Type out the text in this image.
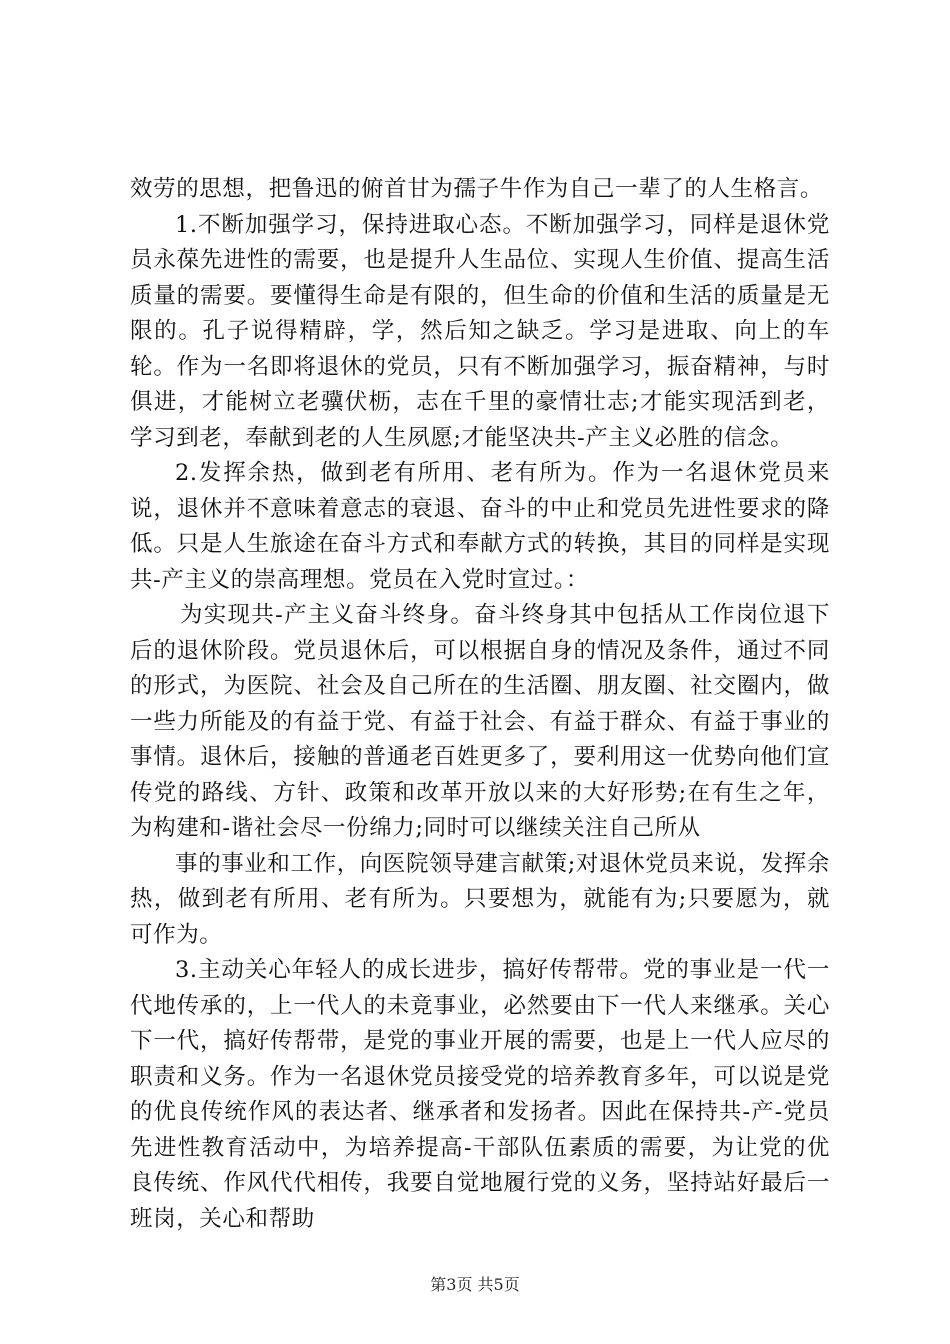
效劳的思想，把鲁迅的俯首甘为孺子牛作为自己一辈了的人生格言。

1.不断加强学习，保持进取心态。不断加强学习，同样是退休党员永葆先进性的需要，也是提升人生品位、实现人生价值、提高生活质量的需要。要懂得生命是有限的，但生命的价值和生活的质量是无限的。孔子说得精辟，学，然后知之缺乏。学习是进取、向上的车轮。作为一名即将退休的党员，只有不断加强学习，振奋精神，与时俱进，才能树立老骥伏枥，志在千里的豪情壮志;才能实现活到老，学习到老，奉献到老的人生夙愿;才能坚决共-产主义必胜的信念。

2.发挥余热，做到老有所用、老有所为。作为一名退休党员来说，退休并不意味着意志的衰退、奋斗的中止和党员先进性要求的降低。只是人生旅途在奋斗方式和奉献方式的转换，其目的同样是实现共-产主义的崇高理想。党员在入党时宣过。：

为实现共-产主义奋斗终身。奋斗终身其中包括从工作岗位退下后的退休阶段。党员退休后，可以根据自身的情况及条件，通过不同的形式，为医院、社会及自己所在的生活圈、朋友圈、社交圈内，做一些力所能及的有益于党、有益于社会、有益于群众、有益于事业的事情。退休后，接触的普通老百姓更多了，要利用这一优势向他们宣传党的路线、方针、政策和改革开放以来的大好形势;在有生之年，为构建和-谐社会尽一份绵力;同时可以继续关注自己所从

事的事业和工作，向医院领导建言献策;对退休党员来说，发挥余热，做到老有所用、老有所为。只要想为，就能有为;只要愿为，就可作为。

3.主动关心年轻人的成长进步，搞好传帮带。党的事业是一代一代地传承的，上一代人的未竟事业，必然要由下一代人来继承。关心下一代，搞好传帮带，是党的事业开展的需要，也是上一代人应尽的职责和义务。作为一名退休党员接受党的培养教育多年，可以说是党的优良传统作风的表达者、继承者和发扬者。因此在保持共-产-党员先进性教育活动中，为培养提高-干部队伍素质的需要，为让党的优良传统、作风代代相传，我要自觉地履行党的义务，坚持站好最后一班岗，关心和帮助

第3页 共5页
